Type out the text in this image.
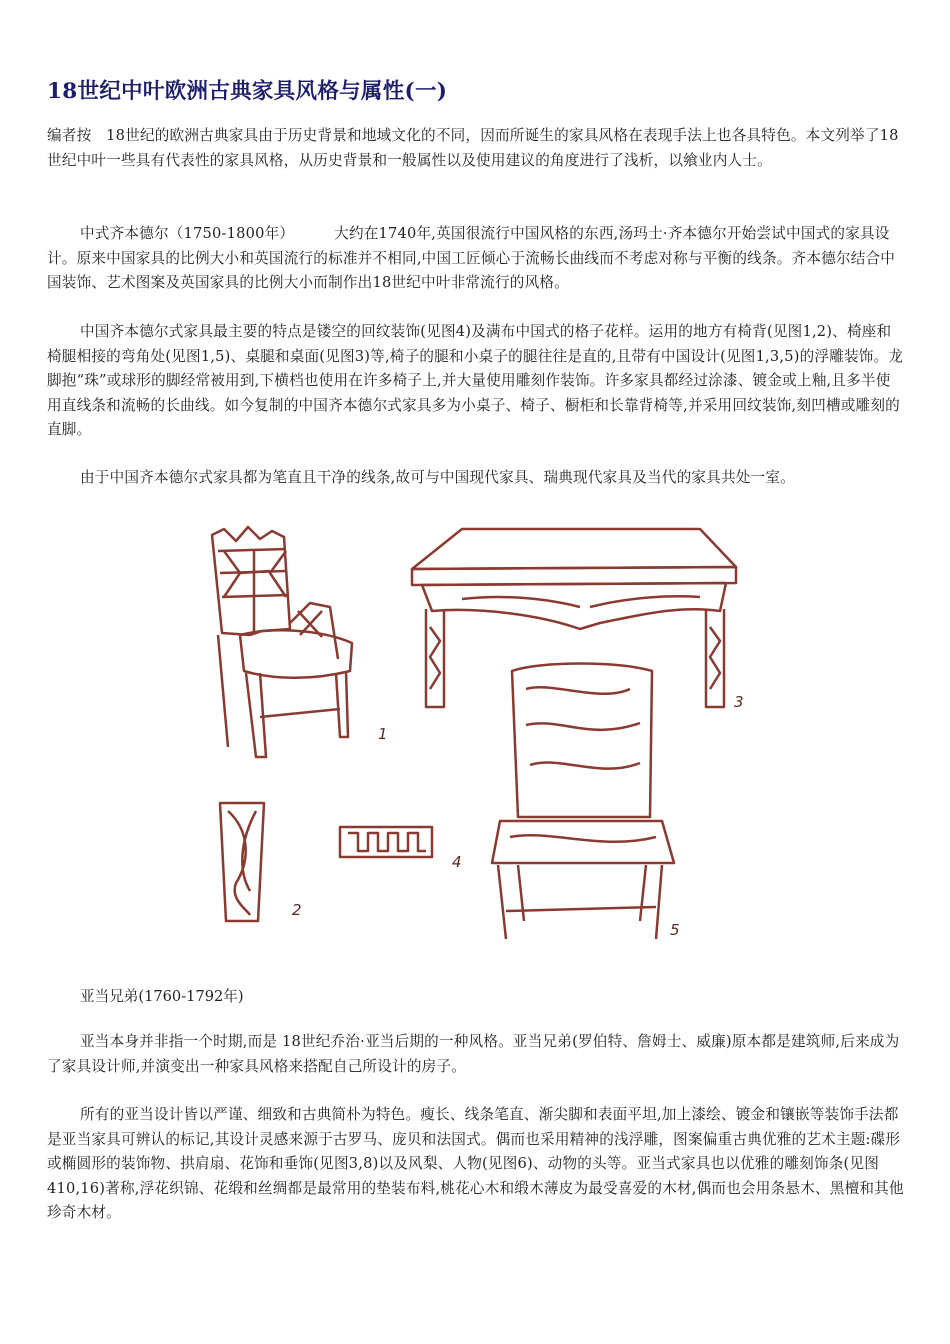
18世纪中叶欧洲古典家具风格与属性(一)

编者按　18世纪的欧洲古典家具由于历史背景和地域文化的不同，因而所诞生的家具风格在表现手法上也各具特色。本文列举了18世纪中叶一些具有代表性的家具风格，从历史背景和一般属性以及使用建议的角度进行了浅析，以飨业内人士。

中式齐本德尔（1750-1800年）	大约在1740年,英国很流行中国风格的东西,汤玛士·齐本德尔开始尝试中国式的家具设计。原来中国家具的比例大小和英国流行的标准并不相同,中国工匠倾心于流畅长曲线而不考虑对称与平衡的线条。齐本德尔结合中国装饰、艺术图案及英国家具的比例大小而制作出18世纪中叶非常流行的风格。

中国齐本德尔式家具最主要的特点是镂空的回纹装饰(见图4)及满布中国式的格子花样。运用的地方有椅背(见图1,2)、椅座和椅腿相接的弯角处(见图1,5)、桌腿和桌面(见图3)等,椅子的腿和小桌子的腿往往是直的,且带有中国设计(见图1,3,5)的浮雕装饰。龙脚抱“珠”或球形的脚经常被用到,下横档也使用在许多椅子上,并大量使用雕刻作装饰。许多家具都经过涂漆、镀金或上釉,且多半使用直线条和流畅的长曲线。如今复制的中国齐本德尔式家具多为小桌子、椅子、橱柜和长靠背椅等,并采用回纹装饰,刻凹槽或雕刻的直脚。

由于中国齐本德尔式家具都为笔直且干净的线条,故可与中国现代家具、瑞典现代家具及当代的家具共处一室。

1
2
3
4
5

亚当兄弟(1760-1792年)

亚当本身并非指一个时期,而是 18世纪乔治·亚当后期的一种风格。亚当兄弟(罗伯特、詹姆士、威廉)原本都是建筑师,后来成为了家具设计师,并演变出一种家具风格来搭配自己所设计的房子。

所有的亚当设计皆以严谨、细致和古典简朴为特色。瘦长、线条笔直、渐尖脚和表面平坦,加上漆绘、镀金和镶嵌等装饰手法都是亚当家具可辨认的标记,其设计灵感来源于古罗马、庞贝和法国式。偶而也采用精神的浅浮雕，图案偏重古典优雅的艺术主题:碟形或椭圆形的装饰物、拱肩扇、花饰和垂饰(见图3,8)以及风梨、人物(见图6)、动物的头等。亚当式家具也以优雅的雕刻饰条(见图410,16)著称,浮花织锦、花缎和丝绸都是最常用的垫装布料,桃花心木和缎木薄皮为最受喜爱的木材,偶而也会用条悬木、黑檀和其他珍奇木材。
